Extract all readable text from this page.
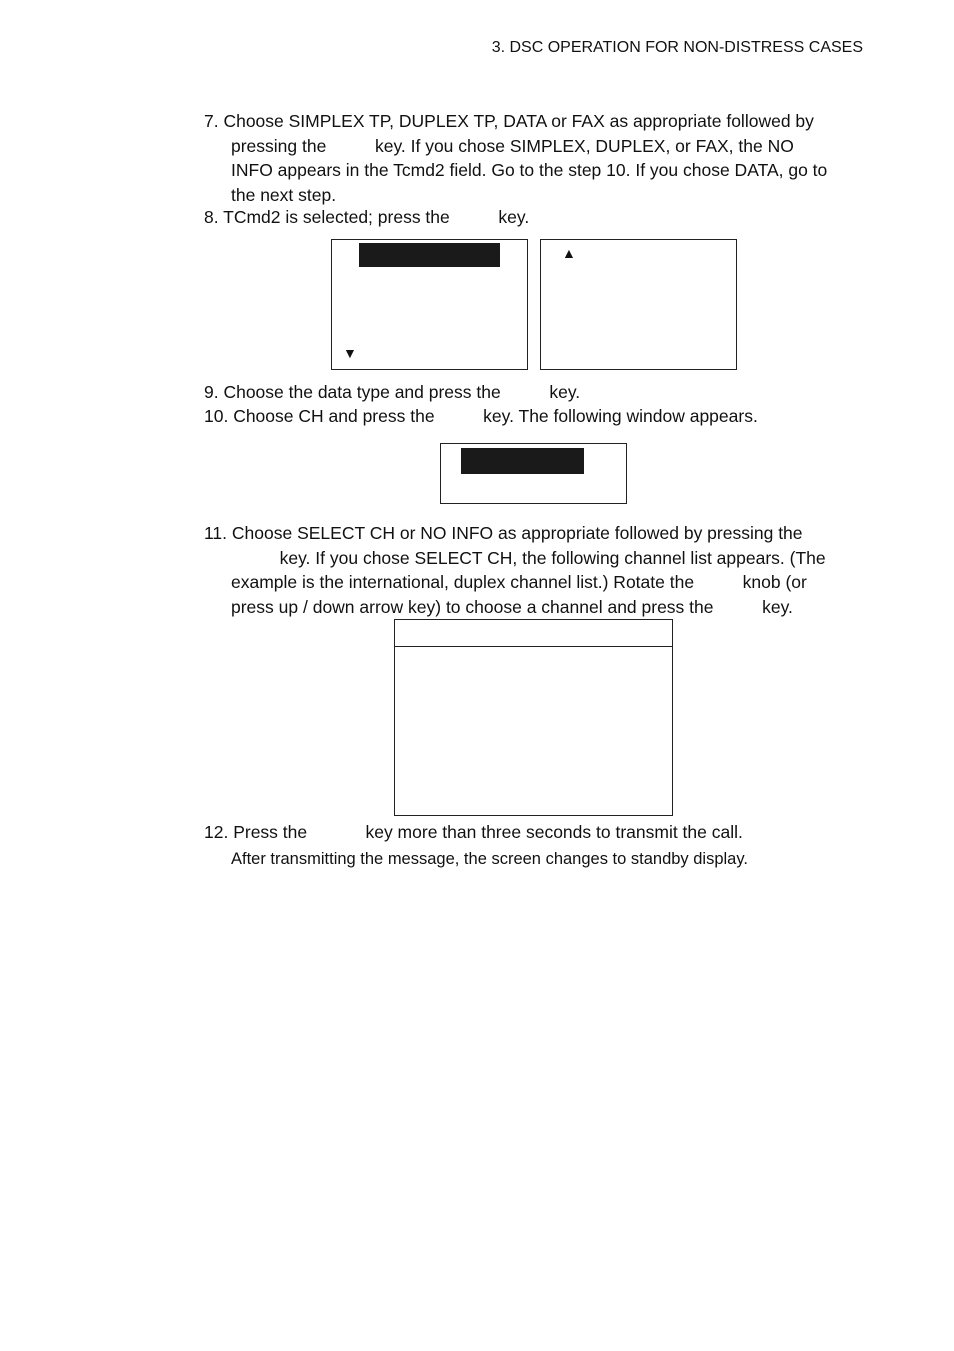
3. DSC OPERATION FOR NON-DISTRESS CASES
7. Choose SIMPLEX TP, DUPLEX TP, DATA or FAX as appropriate followed by
pressing the          key. If you chose SIMPLEX, DUPLEX, or FAX, the NO
INFO appears in the Tcmd2 field. Go to the step 10. If you chose DATA, go to
the next step.
8. TCmd2 is selected; press the          key.
▼
▲
9. Choose the data type and press the          key.
10. Choose CH and press the          key. The following window appears.
11. Choose SELECT CH or NO INFO as appropriate followed by pressing the
key. If you chose SELECT CH, the following channel list appears. (The
example is the international, duplex channel list.) Rotate the          knob (or
press up / down arrow key) to choose a channel and press the          key.
12. Press the            key more than three seconds to transmit the call.
After transmitting the message, the screen changes to standby display.
